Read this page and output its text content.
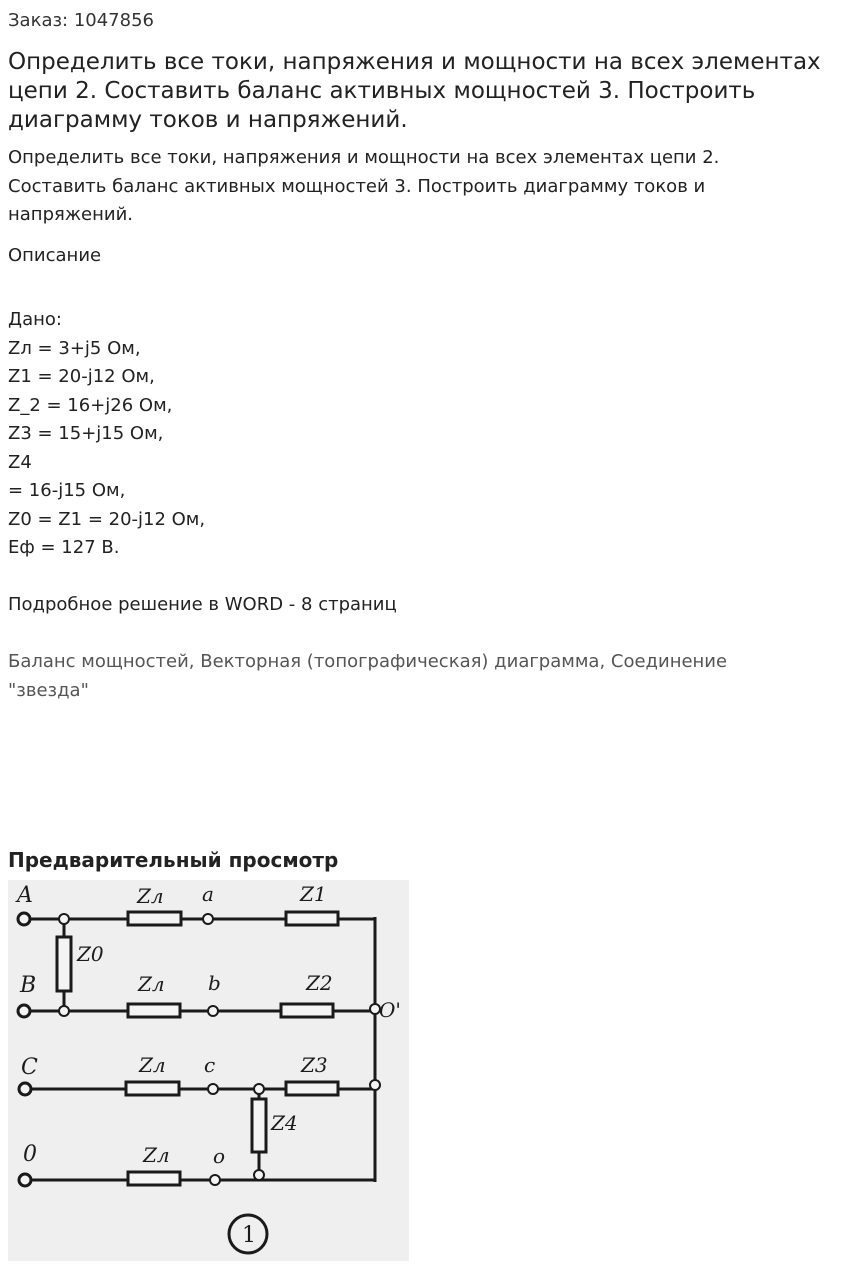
Заказ: 1047856
Определить все токи, напряжения и мощности на всех элементах цепи 2. Составить баланс активных мощностей 3. Построить диаграмму токов и напряжений.

Определить все токи, напряжения и мощности на всех элементах цепи 2. Составить баланс активных мощностей 3. Построить диаграмму токов и напряжений.

Описание
Дано:
Zл = 3+j5 Ом,
Z1 = 20-j12 Ом,
Z_2 = 16+j26 Ом,
Z3 = 15+j15 Ом,
Z4
= 16-j15 Ом,
Z0 = Z1 = 20-j12 Ом,
Еф = 127 В.
Подробное решение в WORD - 8 страниц
Баланс мощностей, Векторная (топографическая) диаграмма, Соединение "звезда"
Предварительный просмотр
A
B
C
0
Zл
Zл
Zл
Zл
a
b
c
o
O'
Z1
Z2
Z3
Z4
Z0
1
